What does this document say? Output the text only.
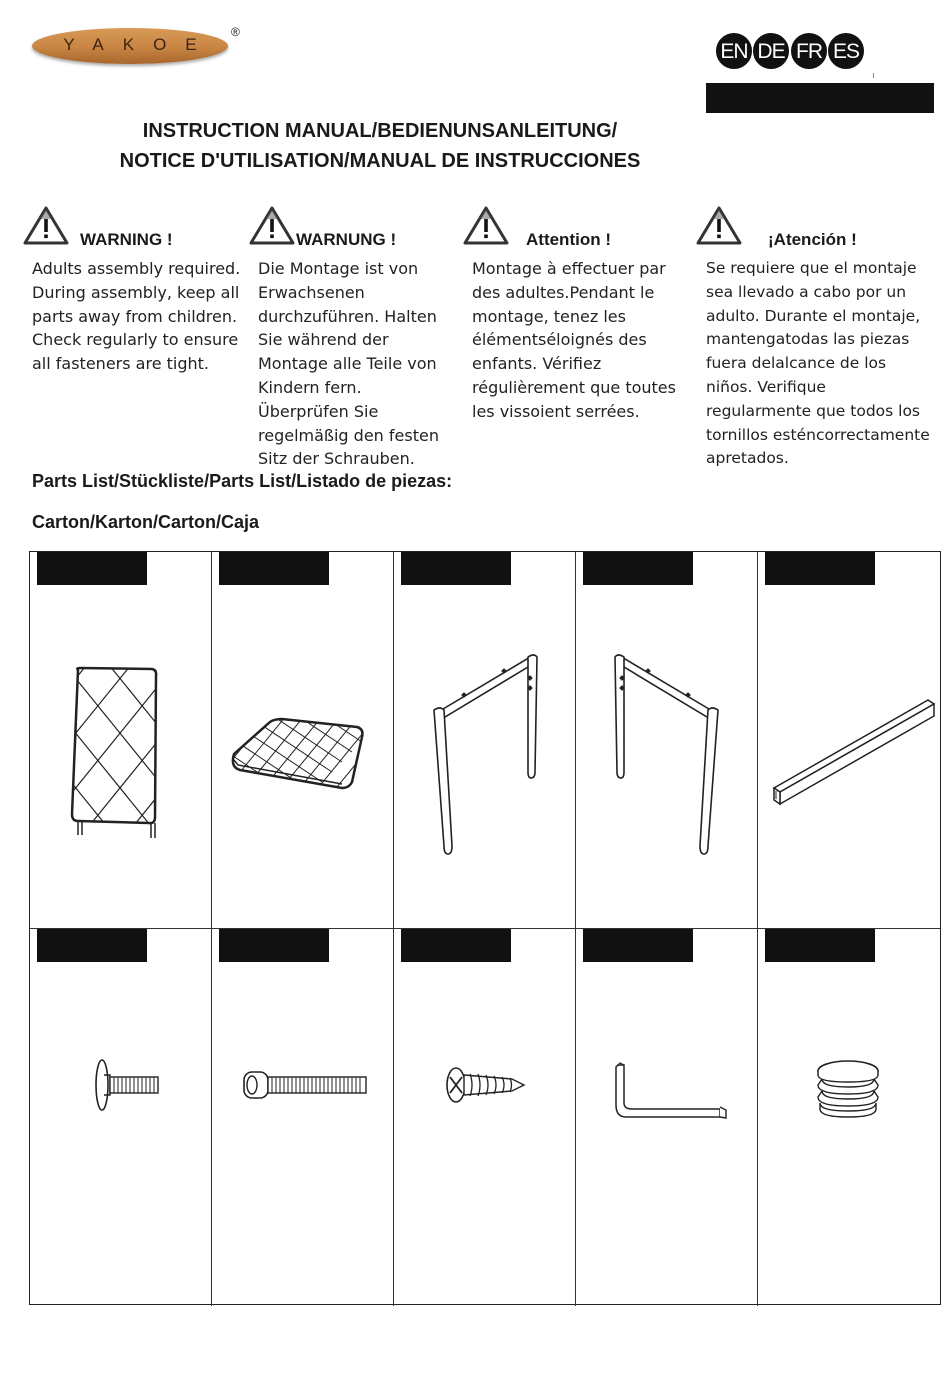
YAKOE
®
EN DE FR ES
INSTRUCTION MANUAL/BEDIENUNSANLEITUNG/
NOTICE D'UTILISATION/MANUAL DE INSTRUCCIONES
WARNING !
Adults assembly required.
During assembly, keep all
parts away from children.
Check regularly to ensure
all fasteners are tight.
WARNUNG !
Die Montage ist von
Erwachsenen
durchzuführen. Halten
Sie während der
Montage alle Teile von
Kindern fern.
Überprüfen Sie
regelmäßig den festen
Sitz der Schrauben.
Attention !
Montage à effectuer par
des adultes.Pendant le
montage, tenez les
élémentséloignés des
enfants. Vérifiez
régulièrement que toutes
les vissoient serrées.
¡Atención !
Se requiere que el montaje
sea llevado a cabo por un
adulto. Durante el montaje,
mantengatodas las piezas
fuera delalcance de los
niños. Verifique
regularmente que todos los
tornillos esténcorrectamente
apretados.
Parts List/Stückliste/Parts List/Listado de piezas:
Carton/Karton/Carton/Caja
